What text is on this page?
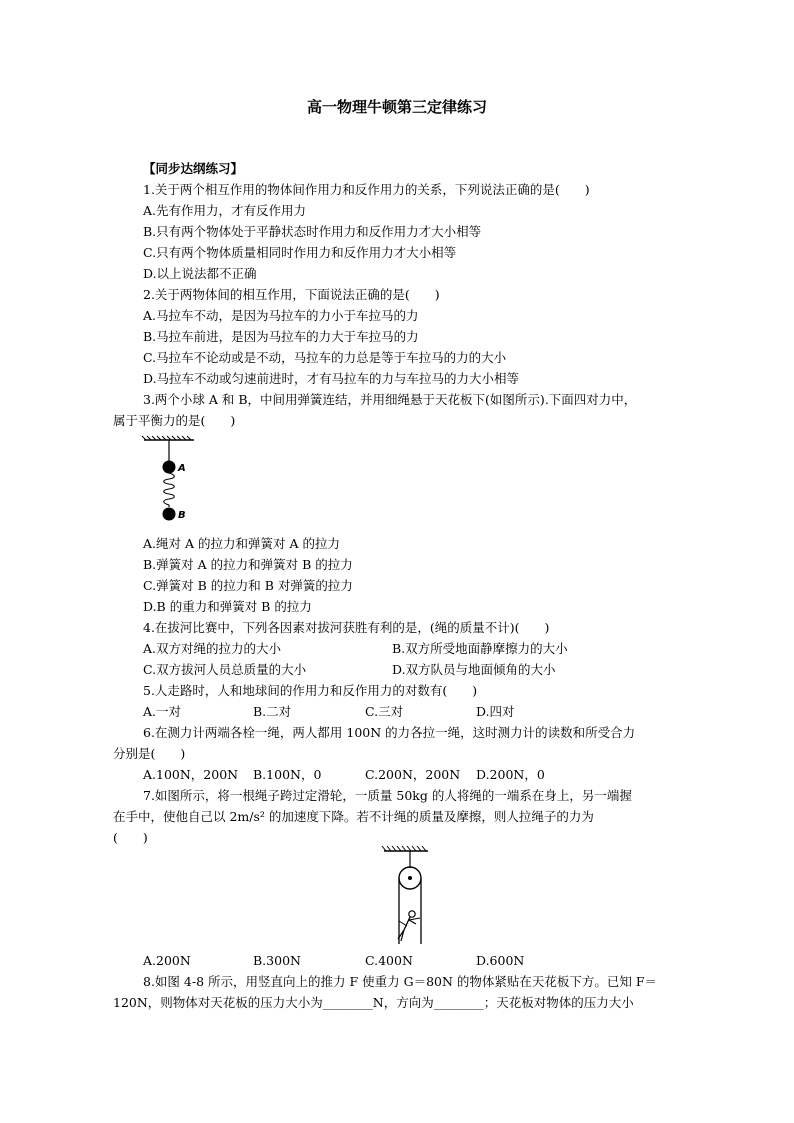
高一物理牛顿第三定律练习
【同步达纲练习】
1.关于两个相互作用的物体间作用力和反作用力的关系，下列说法正确的是(　　)
A.先有作用力，才有反作用力
B.只有两个物体处于平静状态时作用力和反作用力才大小相等
C.只有两个物体质量相同时作用力和反作用力才大小相等
D.以上说法都不正确
2.关于两物体间的相互作用，下面说法正确的是(　　)
A.马拉车不动，是因为马拉车的力小于车拉马的力
B.马拉车前进，是因为马拉车的力大于车拉马的力
C.马拉车不论动或是不动，马拉车的力总是等于车拉马的力的大小
D.马拉车不动或匀速前进时，才有马拉车的力与车拉马的力大小相等
3.两个小球 A 和 B，中间用弹簧连结，并用细绳悬于天花板下(如图所示).下面四对力中，
属于平衡力的是(　　)
A
B
A.绳对 A 的拉力和弹簧对 A 的拉力
B.弹簧对 A 的拉力和弹簧对 B 的拉力
C.弹簧对 B 的拉力和 B 对弹簧的拉力
D.B 的重力和弹簧对 B 的拉力
4.在拔河比赛中，下列各因素对拔河获胜有利的是，(绳的质量不计)(　　)
A.双方对绳的拉力的大小	B.双方所受地面静摩擦力的大小
C.双方拔河人员总质量的大小	D.双方队员与地面倾角的大小
5.人走路时，人和地球间的作用力和反作用力的对数有(　　)
A.一对	B.二对	C.三对	D.四对
6.在测力计两端各栓一绳，两人都用 100N 的力各拉一绳，这时测力计的读数和所受合力
分别是(　　)
A.100N，200N B.100N，0	C.200N，200N D.200N，0
7.如图所示，将一根绳子跨过定滑轮，一质量 50kg 的人将绳的一端系在身上，另一端握
在手中，使他自己以 2m/s² 的加速度下降。若不计绳的质量及摩擦，则人拉绳子的力为
(　　)
A.200N	B.300N	C.400N	D.600N
8.如图 4-8 所示，用竖直向上的推力 F 使重力 G＝80N 的物体紧贴在天花板下方。已知 F＝
120N，则物体对天花板的压力大小为________N，方向为________；天花板对物体的压力大小
